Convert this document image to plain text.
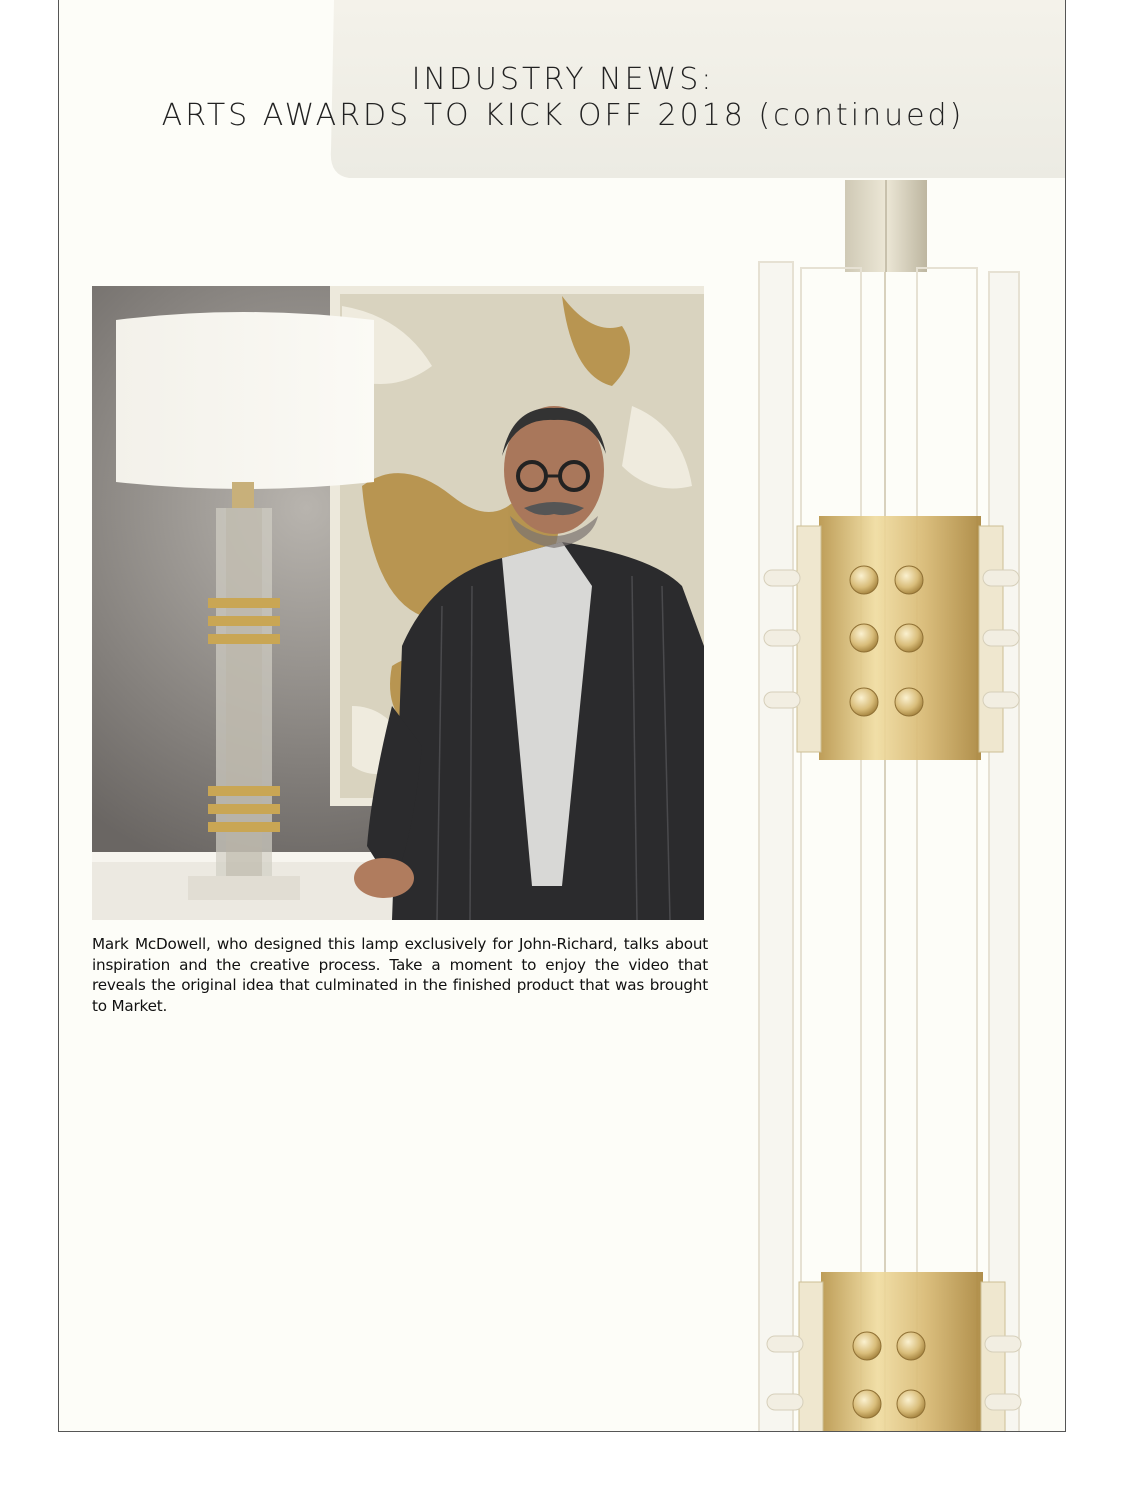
INDUSTRY NEWS:
ARTS AWARDS TO KICK OFF 2018 (continued)
Mark McDowell, who designed this lamp exclusively for John-Richard, talks about inspiration and the creative process. Take a moment to enjoy the video that reveals the original idea that culminated in the finished product that was brought to Market.
